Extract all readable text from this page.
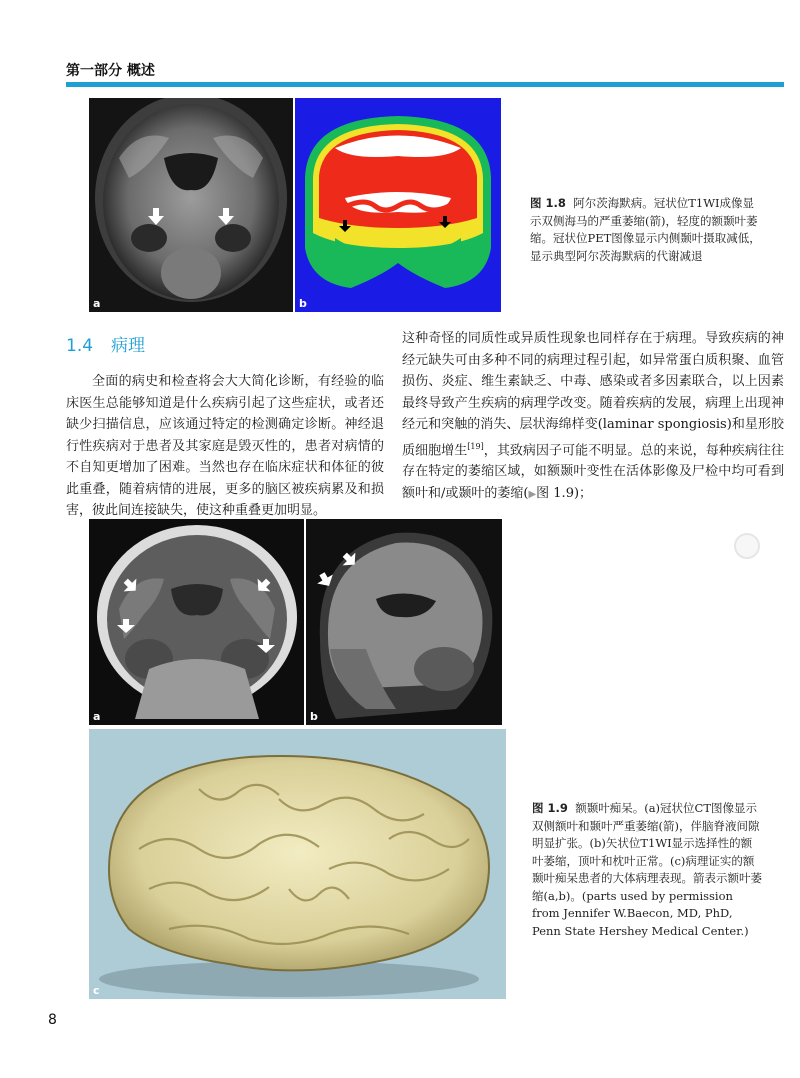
第一部分 概述
a	b
图 1.8 阿尔茨海默病。冠状位T1WI成像显示双侧海马的严重萎缩(箭)，轻度的额颞叶萎缩。冠状位PET图像显示内侧颞叶摄取减低，显示典型阿尔茨海默病的代谢减退
1.4 病理

全面的病史和检查将会大大简化诊断，有经验的临床医生总能够知道是什么疾病引起了这些症状，或者还缺少扫描信息，应该通过特定的检测确定诊断。神经退行性疾病对于患者及其家庭是毁灭性的，患者对病情的不自知更增加了困难。当然也存在临床症状和体征的彼此重叠，随着病情的进展，更多的脑区被疾病累及和损害，彼此间连接缺失，使这种重叠更加明显。

这种奇怪的同质性或异质性现象也同样存在于病理。导致疾病的神经元缺失可由多种不同的病理过程引起，如异常蛋白质积聚、血管损伤、炎症、维生素缺乏、中毒、感染或者多因素联合，以上因素最终导致产生疾病的病理学改变。随着疾病的发展，病理上出现神经元和突触的消失、层状海绵样变(laminar spongiosis)和星形胶质细胞增生[19]，其致病因子可能不明显。总的来说，每种疾病往往存在特定的萎缩区域，如额颞叶变性在活体影像及尸检中均可看到额叶和/或颞叶的萎缩(▶图 1.9)；

a	b
c
图 1.9 额颞叶痴呆。(a)冠状位CT图像显示双侧额叶和颞叶严重萎缩(箭)，伴脑脊液间隙明显扩张。(b)矢状位T1WI显示选择性的额叶萎缩，顶叶和枕叶正常。(c)病理证实的额颞叶痴呆患者的大体病理表现。箭表示额叶萎缩(a,b)。(parts used by permission from Jennifer W.Baecon, MD, PhD, Penn State Hershey Medical Center.)
8
